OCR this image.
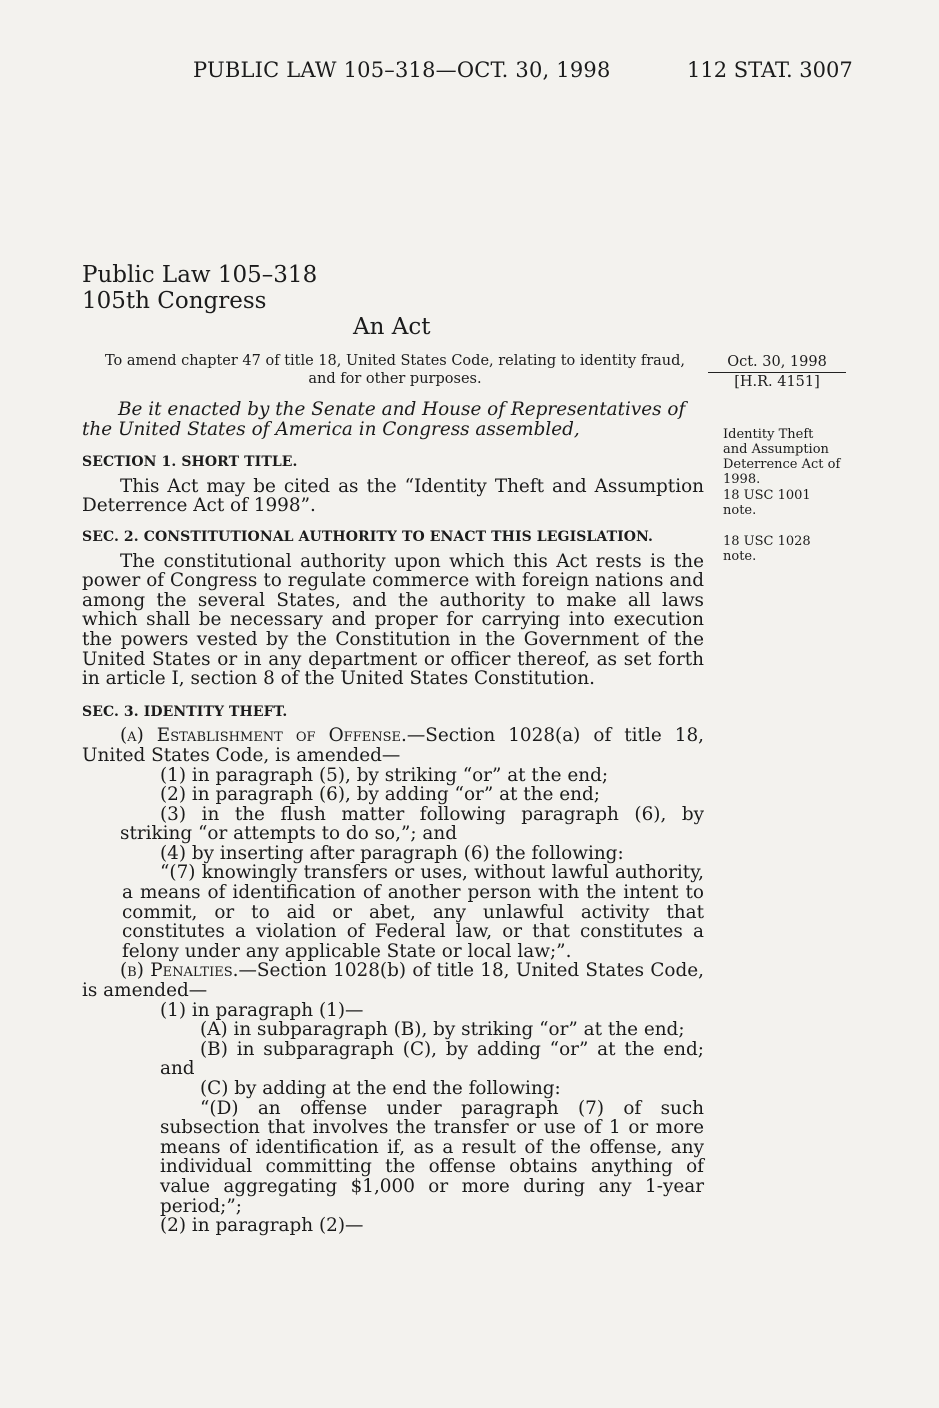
PUBLIC LAW 105–318—OCT. 30, 1998	112 STAT. 3007
Public Law 105–318
105th Congress
An Act
To amend chapter 47 of title 18, United States Code, relating to identity fraud, and for other purposes.
Oct. 30, 1998
[H.R. 4151]
Identity Theft and Assumption Deterrence Act of 1998.
18 USC 1001 note.
18 USC 1028 note.

Be it enacted by the Senate and House of Representatives of the United States of America in Congress assembled,

SECTION 1. SHORT TITLE.

This Act may be cited as the “Identity Theft and Assumption Deterrence Act of 1998”.

SEC. 2. CONSTITUTIONAL AUTHORITY TO ENACT THIS LEGISLATION.

The constitutional authority upon which this Act rests is the power of Congress to regulate commerce with foreign nations and among the several States, and the authority to make all laws which shall be necessary and proper for carrying into execution the powers vested by the Constitution in the Government of the United States or in any department or officer thereof, as set forth in article I, section 8 of the United States Constitution.

SEC. 3. IDENTITY THEFT.

(a) Establishment of Offense.—Section 1028(a) of title 18, United States Code, is amended—

(1) in paragraph (5), by striking “or” at the end;

(2) in paragraph (6), by adding “or” at the end;

(3) in the flush matter following paragraph (6), by striking “or attempts to do so,”; and

(4) by inserting after paragraph (6) the following:

“(7) knowingly transfers or uses, without lawful authority, a means of identification of another person with the intent to commit, or to aid or abet, any unlawful activity that constitutes a violation of Federal law, or that constitutes a felony under any applicable State or local law;”.

(b) Penalties.—Section 1028(b) of title 18, United States Code, is amended—

(1) in paragraph (1)—

(A) in subparagraph (B), by striking “or” at the end;

(B) in subparagraph (C), by adding “or” at the end; and

(C) by adding at the end the following:

“(D) an offense under paragraph (7) of such subsection that involves the transfer or use of 1 or more means of identification if, as a result of the offense, any individual committing the offense obtains anything of value aggregating $1,000 or more during any 1-year period;”;

(2) in paragraph (2)—
